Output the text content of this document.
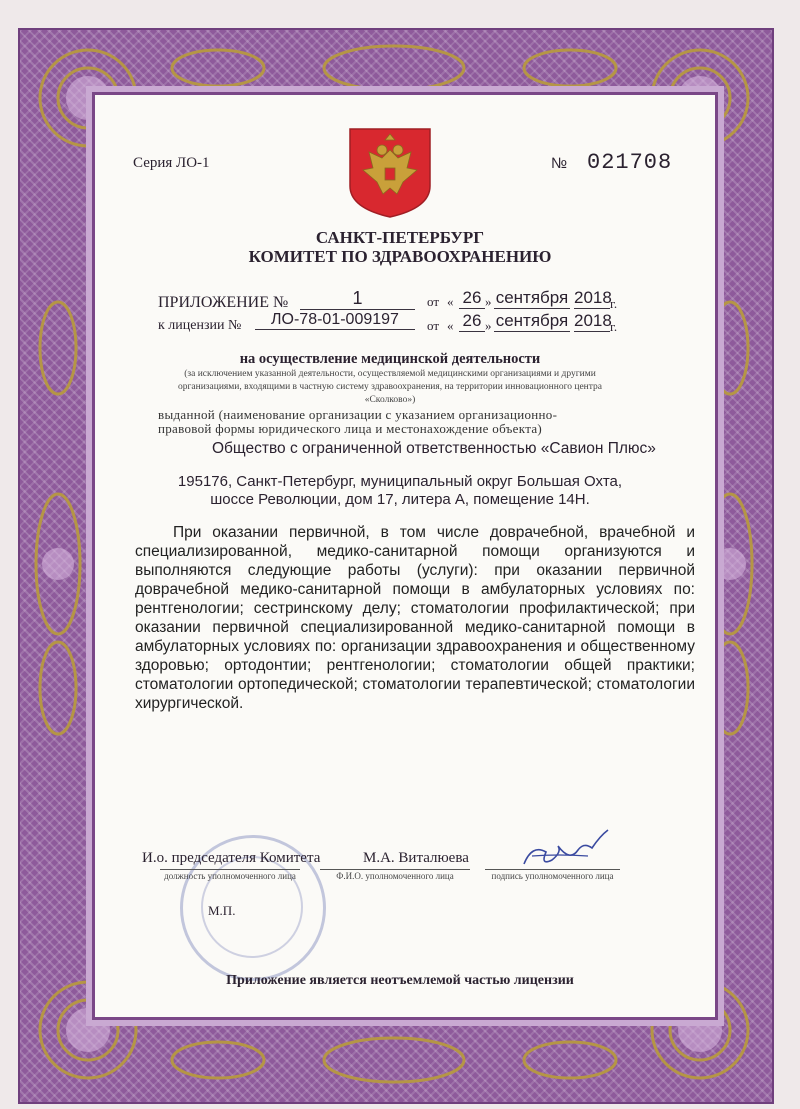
Серия ЛО-1	№ 021708
САНКТ-ПЕТЕРБУРГ
КОМИТЕТ ПО ЗДРАВООХРАНЕНИЮ
ПРИЛОЖЕНИЕ №	1	от « 26 » сентября 2018
г.
к лицензии №	ЛО-78-01-009197	от « 26 » сентября 2018
г.
на осуществление медицинской деятельности
(за исключением указанной деятельности, осуществляемой медицинскими организациями и другими
организациями, входящими в частную систему здравоохранения, на территории инновационного центра
«Сколково»)
выданной (наименование организации с указанием организационно-
правовой формы юридического лица и местонахождение объекта)
Общество с ограниченной ответственностью «Савион Плюс»
195176, Санкт-Петербург, муниципальный округ Большая Охта,
шоссе Революции, дом 17, литера А, помещение 14Н.
При оказании первичной, в том числе доврачебной, врачебной и специализированной, медико-санитарной помощи организуются и выполняются следующие работы (услуги): при оказании первичной доврачебной медико-санитарной помощи в амбулаторных условиях по: рентгенологии; сестринскому делу; стоматологии профилактической; при оказании первичной специализированной медико-санитарной помощи в амбулаторных условиях по: организации здравоохранения и общественному здоровью; ортодонтии; рентгенологии; стоматологии общей практики; стоматологии ортопедической; стоматологии терапевтической; стоматологии хирургической.
И.о. председателя Комитета	М.А. Виталюева
должность уполномоченного лица	Ф.И.О. уполномоченного лица	подпись уполномоченного лица
М.П.
Приложение является неотъемлемой частью лицензии
